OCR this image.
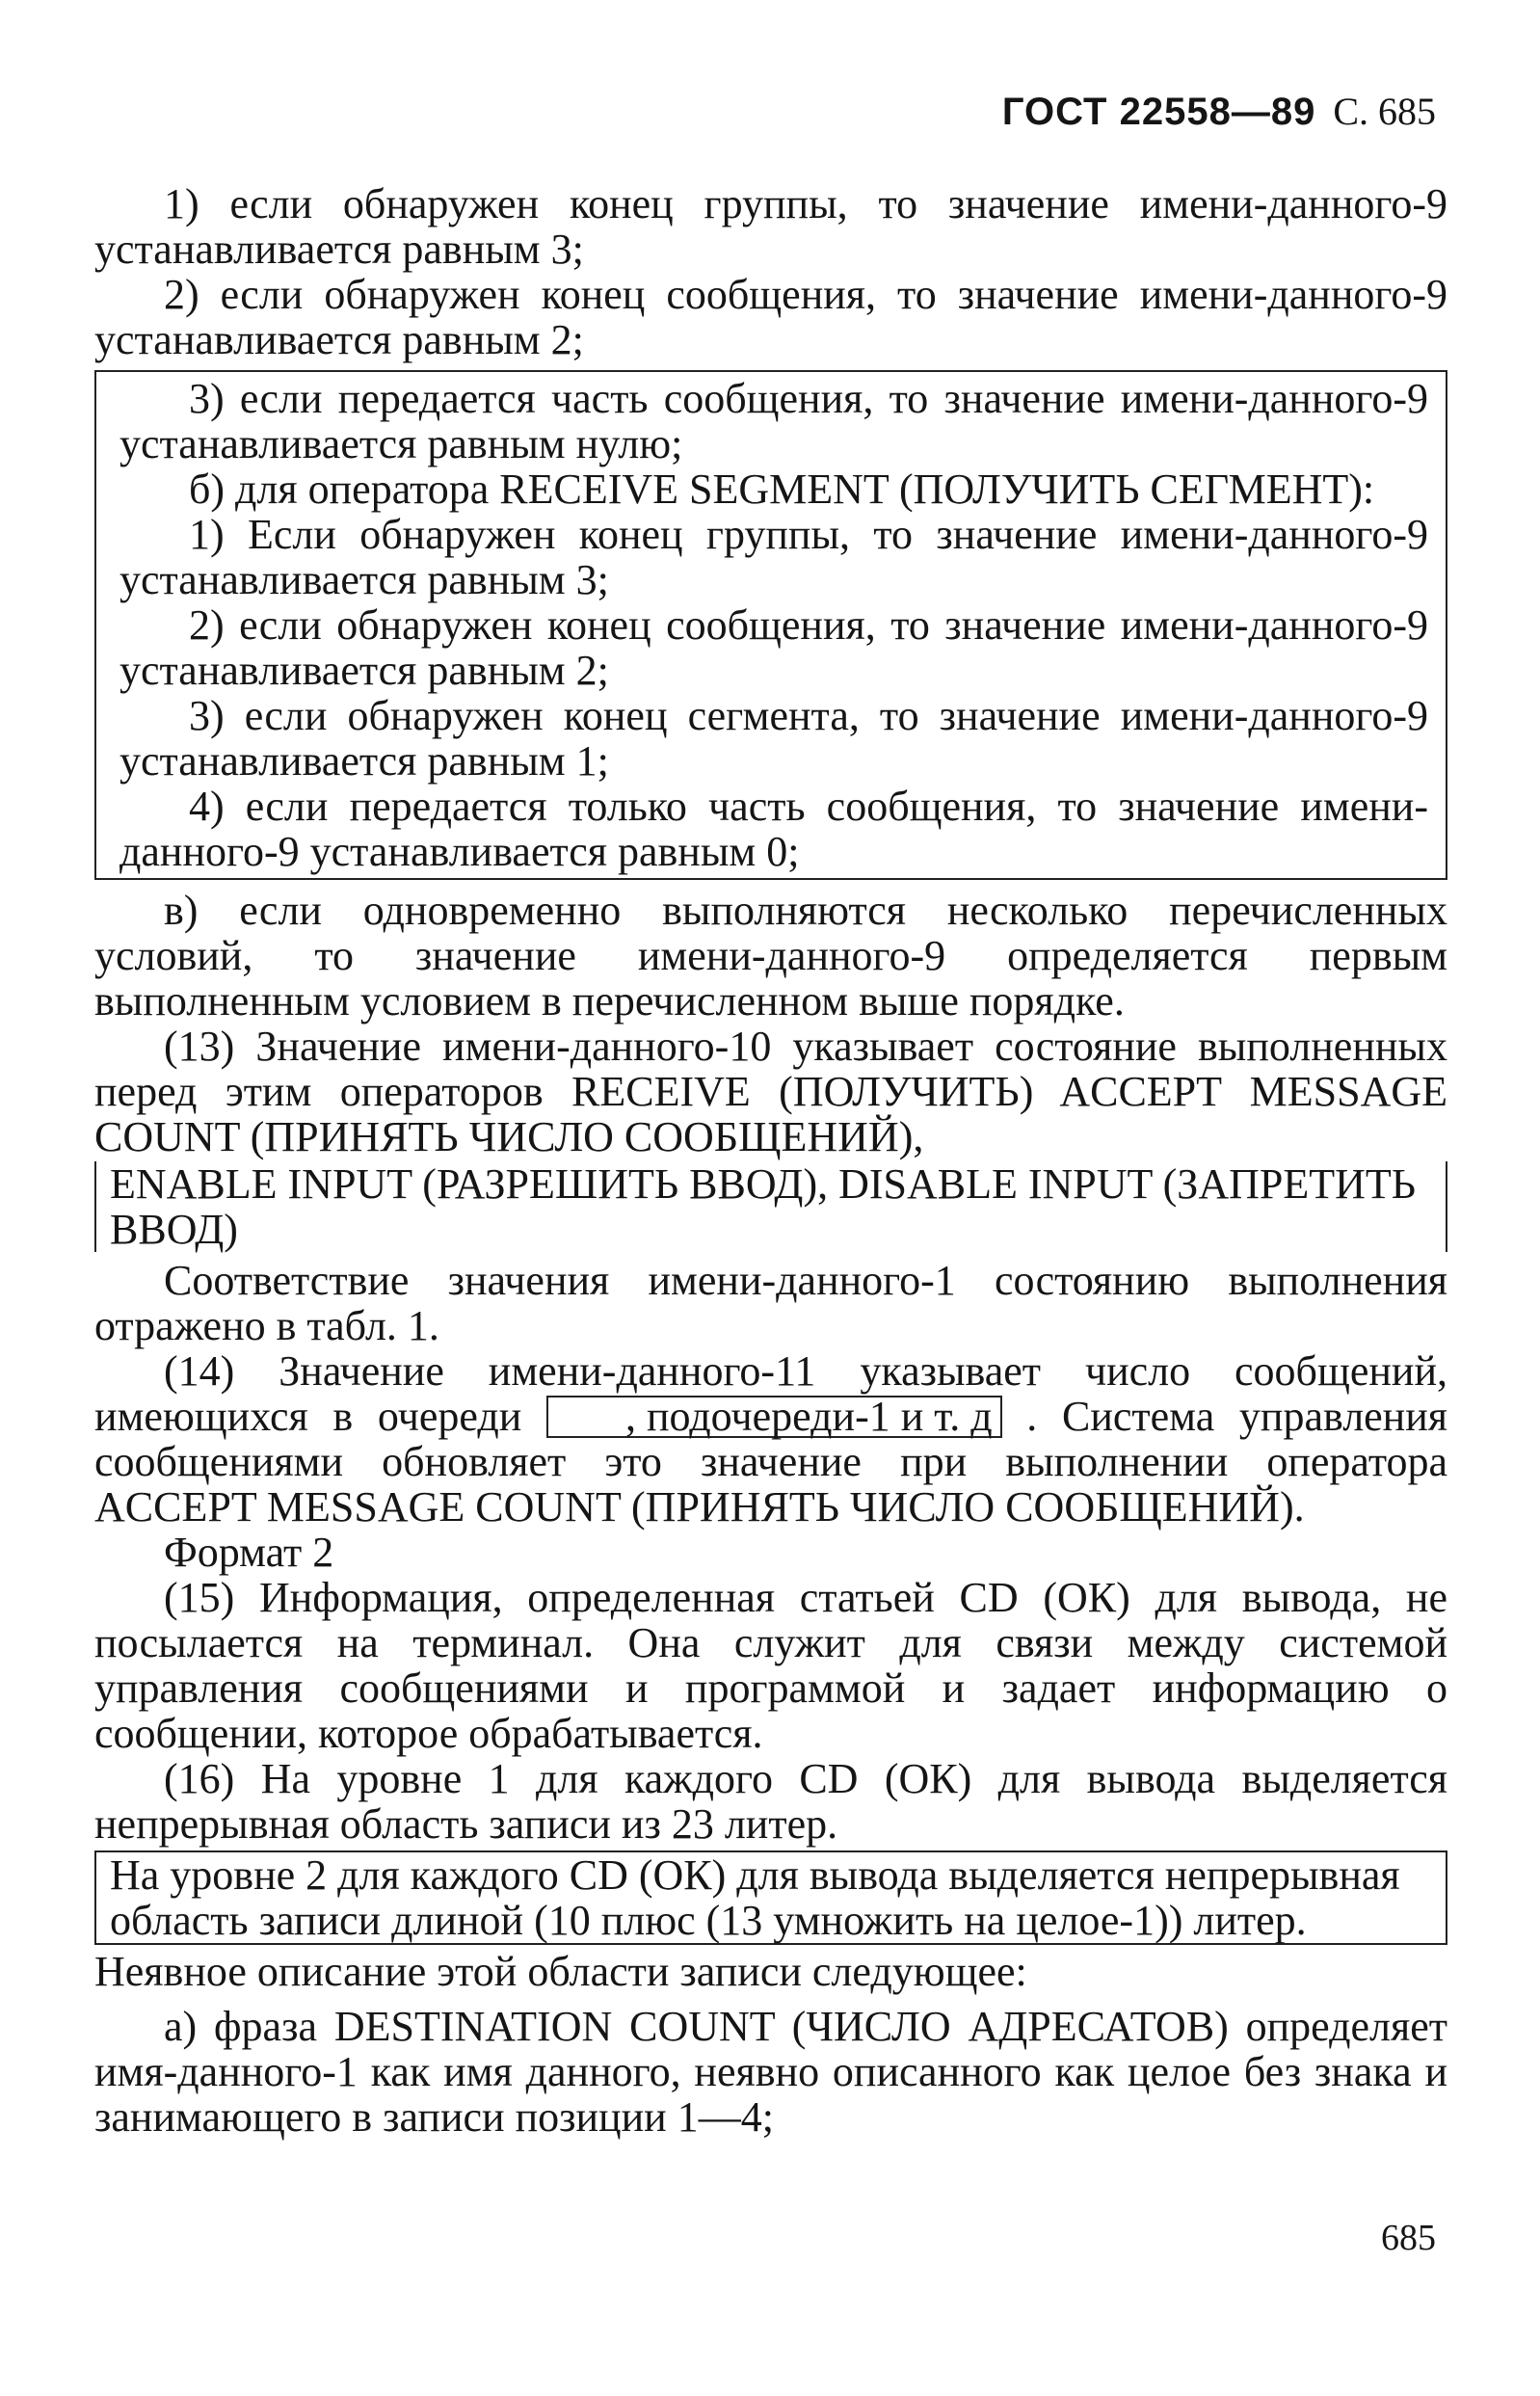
ГОСТ 22558—89 С. 685
1) если обнаружен конец группы, то значение имени-данного-9 устанавливается равным 3;
2) если обнаружен конец сообщения, то значение имени-данного-9 устанавливается равным 2;
3) если передается часть сообщения, то значение имени-данного-9 устанавливается равным нулю;
б) для оператора RECEIVE SEGMENT (ПОЛУЧИТЬ СЕГМЕНТ):
1) Если обнаружен конец группы, то значение имени-данного-9 устанавливается равным 3;
2) если обнаружен конец сообщения, то значение имени-данного-9 устанавливается равным 2;
3) если обнаружен конец сегмента, то значение имени-данного-9 устанавливается равным 1;
4) если передается только часть сообщения, то значение имени-данного-9 устанавливается равным 0;
в) если одновременно выполняются несколько перечисленных условий, то значение имени-данного-9 определяется первым выполненным условием в перечисленном выше порядке.
(13) Значение имени-данного-10 указывает состояние выполненных перед этим операторов RECEIVE (ПОЛУЧИТЬ) ACCEPT MESSAGE COUNT (ПРИНЯТЬ ЧИСЛО СООБЩЕНИЙ),
ENABLE INPUT (РАЗРЕШИТЬ ВВОД), DISABLE INPUT (ЗАПРЕТИТЬ ВВОД)
Соответствие значения имени-данного-1 состоянию выполнения отражено в табл. 1.
(14) Значение имени-данного-11 указывает число сообщений, имеющихся в очереди , подочереди-1 и т. д . Система управления сообщениями обновляет это значение при выполнении оператора ACCEPT MESSAGE COUNT (ПРИНЯТЬ ЧИСЛО СООБЩЕНИЙ).
Формат 2
(15) Информация, определенная статьей CD (ОК) для вывода, не посылается на терминал. Она служит для связи между системой управления сообщениями и программой и задает информацию о сообщении, которое обрабатывается.
(16) На уровне 1 для каждого CD (ОК) для вывода выделяется непрерывная область записи из 23 литер.
На уровне 2 для каждого CD (ОК) для вывода выделяется непрерывная область записи длиной (10 плюс (13 умножить на целое-1)) литер.
Неявное описание этой области записи следующее:
а) фраза DESTINATION COUNT (ЧИСЛО АДРЕСАТОВ) определяет имя-данного-1 как имя данного, неявно описанного как целое без знака и занимающего в записи позиции 1—4;
685
